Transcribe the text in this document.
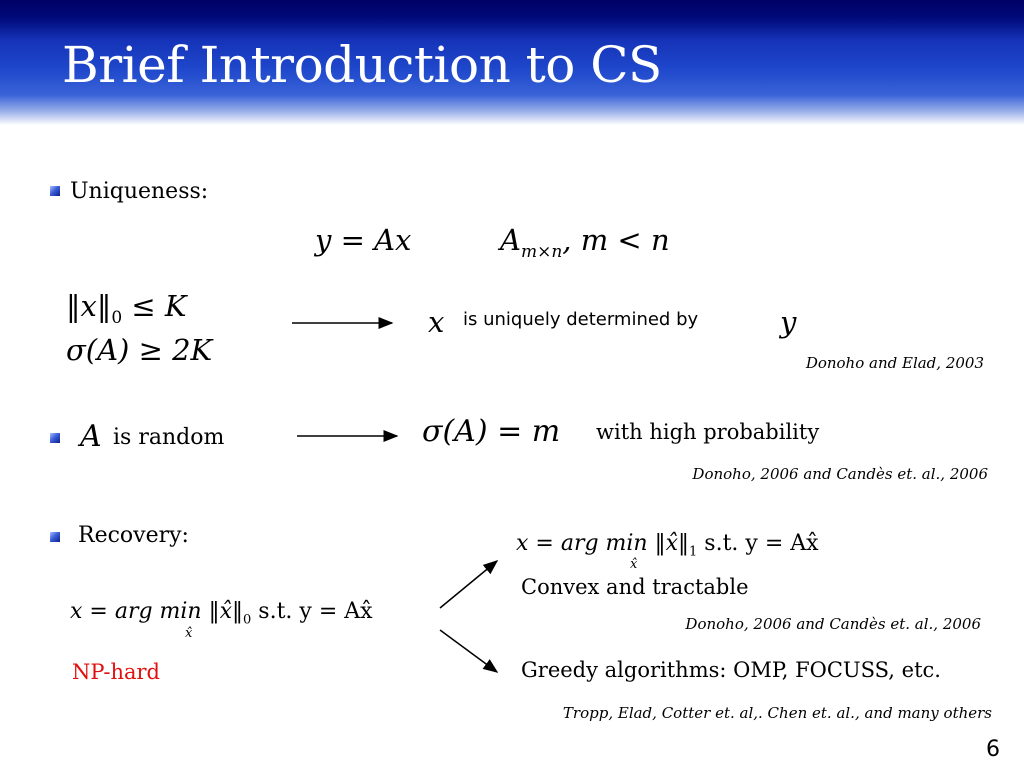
Brief Introduction to CS
Uniqueness:
y = Ax	$A_{m\times n}$, m < n
$‖x‖_0 \le K$
σ(A) ≥ 2K
x is uniquely determined by	y
Donoho and Elad, 2003
A is random	σ(A) = m with high probability
Donoho, 2006 and Candès et. al., 2006
Recovery:
x = arg $\min ‖x̂‖_0$ s.t. y = Ax̂
x̂
NP-hard
x = arg $\min ‖x̂‖_1$ s.t. y = Ax̂
x̂
Convex and tractable
Donoho, 2006 and Candès et. al., 2006
Greedy algorithms: OMP, FOCUSS, etc.
Tropp, Elad, Cotter et. al,. Chen et. al., and many others
6
